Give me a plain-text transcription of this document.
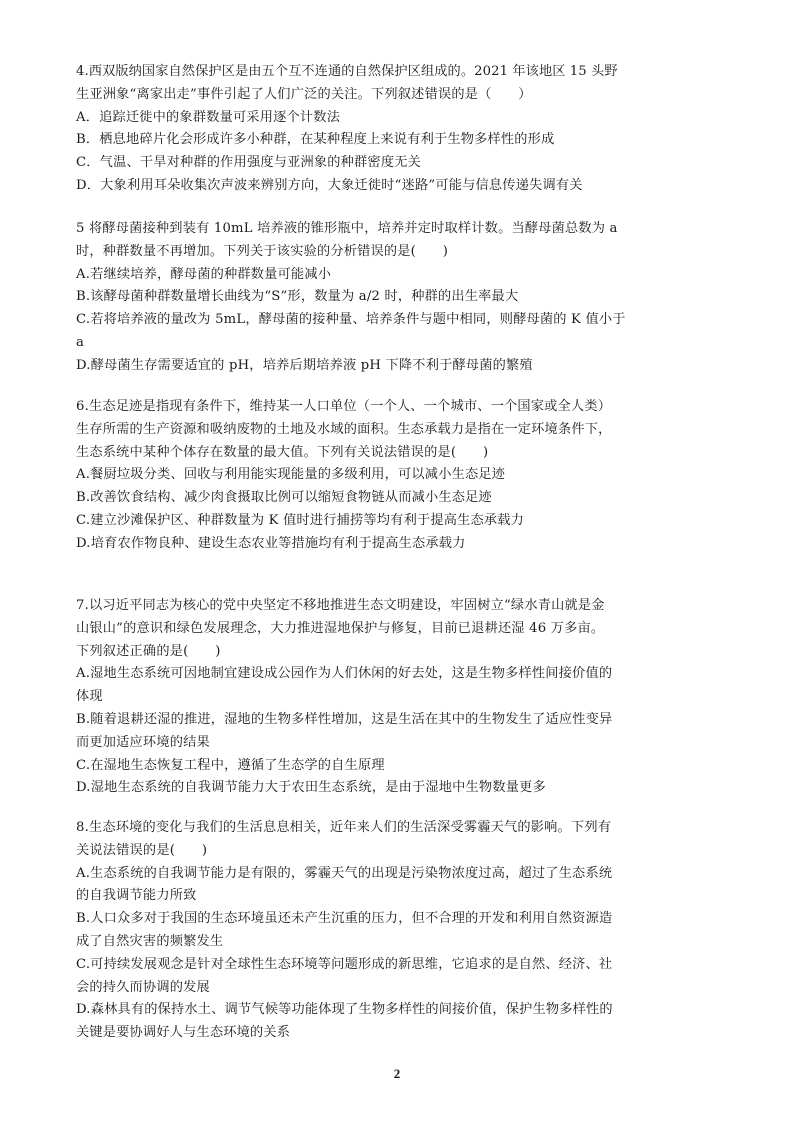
4.西双版纳国家自然保护区是由五个互不连通的自然保护区组成的。2021 年该地区 15 头野
生亚洲象“离家出走”事件引起了人们广泛的关注。下列叙述错误的是（　　）
A．追踪迁徙中的象群数量可采用逐个计数法
B．栖息地碎片化会形成许多小种群，在某种程度上来说有利于生物多样性的形成
C．气温、干旱对种群的作用强度与亚洲象的种群密度无关
D．大象利用耳朵收集次声波来辨别方向，大象迁徙时“迷路”可能与信息传递失调有关
5 将酵母菌接种到装有 10mL 培养液的锥形瓶中，培养并定时取样计数。当酵母菌总数为 a
时，种群数量不再增加。下列关于该实验的分析错误的是(　　)
A.若继续培养，酵母菌的种群数量可能减小
B.该酵母菌种群数量增长曲线为“S”形，数量为 a/2 时，种群的出生率最大
C.若将培养液的量改为 5mL，酵母菌的接种量、培养条件与题中相同，则酵母菌的 K 值小于
a
D.酵母菌生存需要适宜的 pH，培养后期培养液 pH 下降不利于酵母菌的繁殖
6.生态足迹是指现有条件下，维持某一人口单位（一个人、一个城市、一个国家或全人类）
生存所需的生产资源和吸纳废物的土地及水域的面积。生态承载力是指在一定环境条件下，
生态系统中某种个体存在数量的最大值。下列有关说法错误的是(　　)
A.餐厨垃圾分类、回收与利用能实现能量的多级利用，可以减小生态足迹
B.改善饮食结构、减少肉食摄取比例可以缩短食物链从而减小生态足迹
C.建立沙滩保护区、种群数量为 K 值时进行捕捞等均有利于提高生态承载力
D.培育农作物良种、建设生态农业等措施均有利于提高生态承载力
7.以习近平同志为核心的党中央坚定不移地推进生态文明建设，牢固树立“绿水青山就是金
山银山”的意识和绿色发展理念，大力推进湿地保护与修复，目前已退耕还湿 46 万多亩。
下列叙述正确的是(　　)
A.湿地生态系统可因地制宜建设成公园作为人们休闲的好去处，这是生物多样性间接价值的
体现
B.随着退耕还湿的推进，湿地的生物多样性增加，这是生活在其中的生物发生了适应性变异
而更加适应环境的结果
C.在湿地生态恢复工程中，遵循了生态学的自生原理
D.湿地生态系统的自我调节能力大于农田生态系统，是由于湿地中生物数量更多
8.生态环境的变化与我们的生活息息相关，近年来人们的生活深受雾霾天气的影响。下列有
关说法错误的是(　　)
A.生态系统的自我调节能力是有限的，雾霾天气的出现是污染物浓度过高，超过了生态系统
的自我调节能力所致
B.人口众多对于我国的生态环境虽还未产生沉重的压力，但不合理的开发和利用自然资源造
成了自然灾害的频繁发生
C.可持续发展观念是针对全球性生态环境等问题形成的新思维，它追求的是自然、经济、社
会的持久而协调的发展
D.森林具有的保持水土、调节气候等功能体现了生物多样性的间接价值，保护生物多样性的
关键是要协调好人与生态环境的关系
2
